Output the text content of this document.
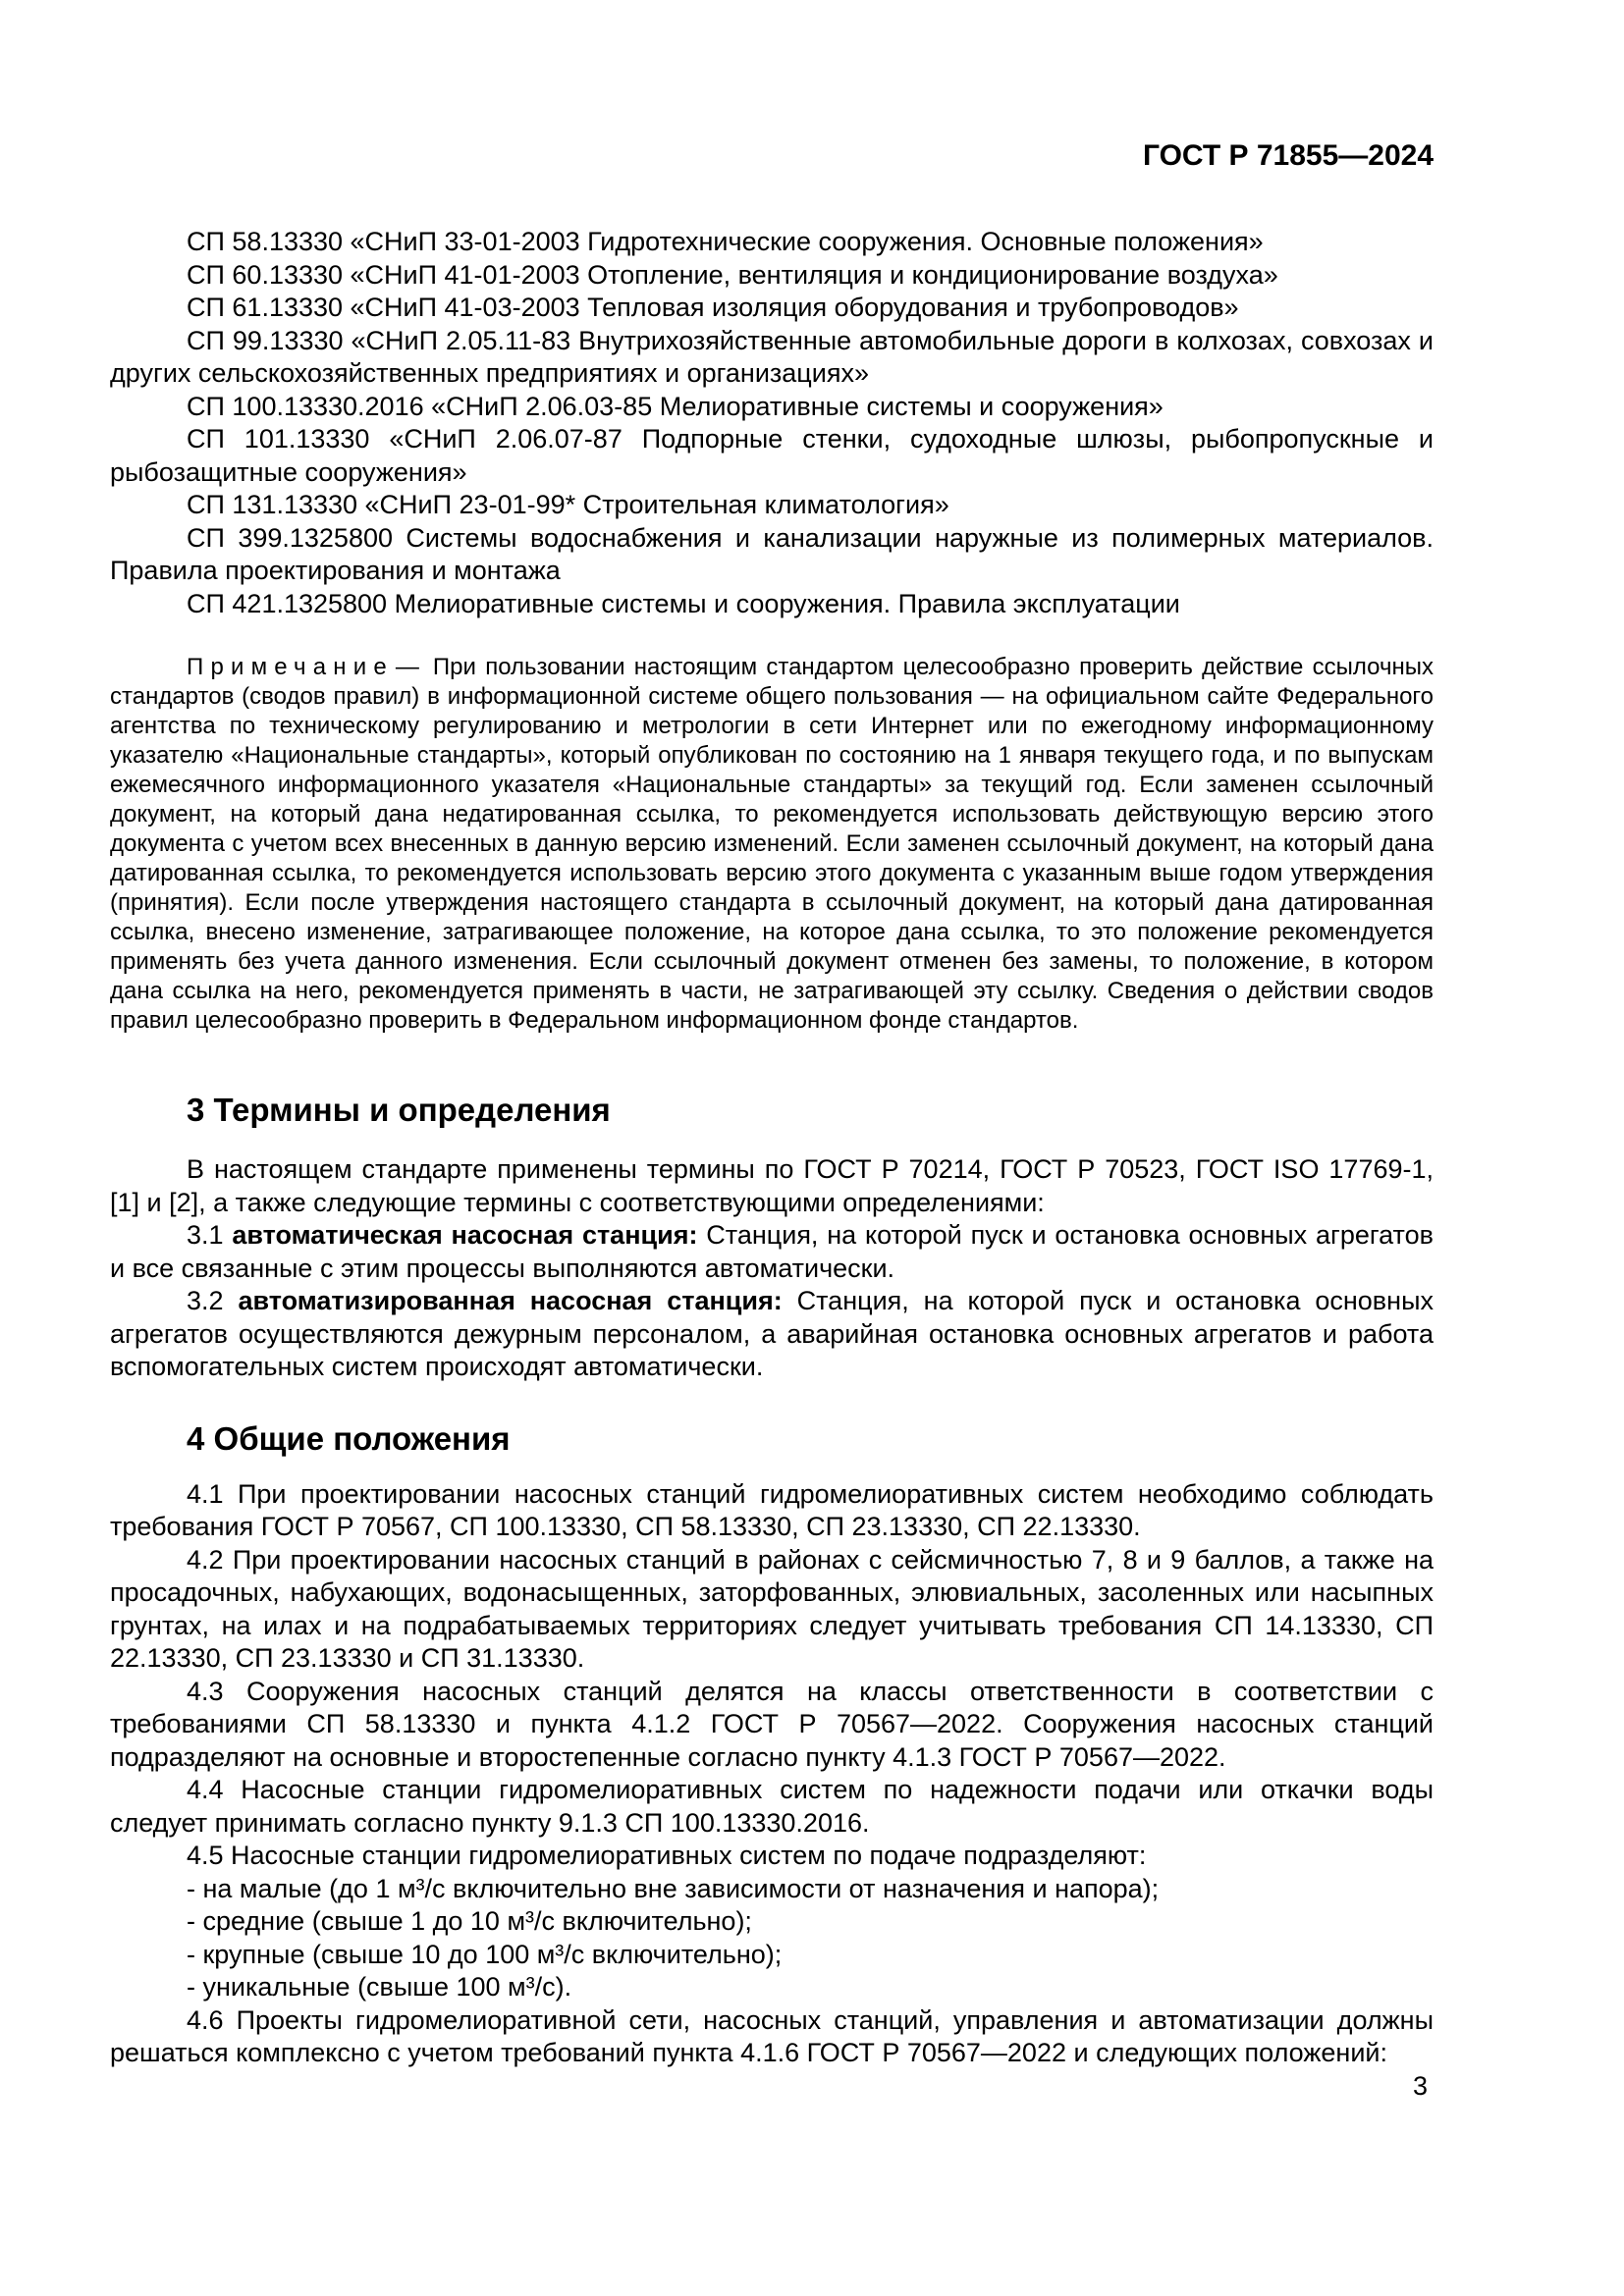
ГОСТ Р 71855—2024

СП 58.13330 «СНиП 33-01-2003 Гидротехнические сооружения. Основные положения»

СП 60.13330 «СНиП 41-01-2003 Отопление, вентиляция и кондиционирование воздуха»

СП 61.13330 «СНиП 41-03-2003 Тепловая изоляция оборудования и трубопроводов»

СП 99.13330 «СНиП 2.05.11-83 Внутрихозяйственные автомобильные дороги в колхозах, совхозах и других сельскохозяйственных предприятиях и организациях»

СП 100.13330.2016 «СНиП 2.06.03-85 Мелиоративные системы и сооружения»

СП 101.13330 «СНиП 2.06.07-87 Подпорные стенки, судоходные шлюзы, рыбопропускные и рыбозащитные сооружения»

СП 131.13330 «СНиП 23-01-99* Строительная климатология»

СП 399.1325800 Системы водоснабжения и канализации наружные из полимерных материалов. Правила проектирования и монтажа

СП 421.1325800 Мелиоративные системы и сооружения. Правила эксплуатации

Примечание— При пользовании настоящим стандартом целесообразно проверить действие ссылочных стандартов (сводов правил) в информационной системе общего пользования — на официальном сайте Федерального агентства по техническому регулированию и метрологии в сети Интернет или по ежегодному информационному указателю «Национальные стандарты», который опубликован по состоянию на 1 января текущего года, и по выпускам ежемесячного информационного указателя «Национальные стандарты» за текущий год. Если заменен ссылочный документ, на который дана недатированная ссылка, то рекомендуется использовать действующую версию этого документа с учетом всех внесенных в данную версию изменений. Если заменен ссылочный документ, на который дана датированная ссылка, то рекомендуется использовать версию этого документа с указанным выше годом утверждения (принятия). Если после утверждения настоящего стандарта в ссылочный документ, на который дана датированная ссылка, внесено изменение, затрагивающее положение, на которое дана ссылка, то это положение рекомендуется применять без учета данного изменения. Если ссылочный документ отменен без замены, то положение, в котором дана ссылка на него, рекомендуется применять в части, не затрагивающей эту ссылку. Сведения о действии сводов правил целесообразно проверить в Федеральном информационном фонде стандартов.

3 Термины и определения

В настоящем стандарте применены термины по ГОСТ Р 70214, ГОСТ Р 70523, ГОСТ ISO 17769-1, [1] и [2], а также следующие термины с соответствующими определениями:

3.1 автоматическая насосная станция: Станция, на которой пуск и остановка основных агрегатов и все связанные с этим процессы выполняются автоматически.

3.2 автоматизированная насосная станция: Станция, на которой пуск и остановка основных агрегатов осуществляются дежурным персоналом, а аварийная остановка основных агрегатов и работа вспомогательных систем происходят автоматически.

4 Общие положения

4.1 При проектировании насосных станций гидромелиоративных систем необходимо соблюдать требования ГОСТ Р 70567, СП 100.13330, СП 58.13330, СП 23.13330, СП 22.13330.

4.2 При проектировании насосных станций в районах с сейсмичностью 7, 8 и 9 баллов, а также на просадочных, набухающих, водонасыщенных, заторфованных, элювиальных, засоленных или насыпных грунтах, на илах и на подрабатываемых территориях следует учитывать требования СП 14.13330, СП 22.13330, СП 23.13330 и СП 31.13330.

4.3 Сооружения насосных станций делятся на классы ответственности в соответствии с требованиями СП 58.13330 и пункта 4.1.2 ГОСТ Р 70567—2022. Сооружения насосных станций подразделяют на основные и второстепенные согласно пункту 4.1.3 ГОСТ Р 70567—2022.

4.4 Насосные станции гидромелиоративных систем по надежности подачи или откачки воды следует принимать согласно пункту 9.1.3 СП 100.13330.2016.

4.5 Насосные станции гидромелиоративных систем по подаче подразделяют:

- на малые (до 1 м³/с включительно вне зависимости от назначения и напора);

- средние (свыше 1 до 10 м³/с включительно);

- крупные (свыше 10 до 100 м³/с включительно);

- уникальные (свыше 100 м³/с).

4.6 Проекты гидромелиоративной сети, насосных станций, управления и автоматизации должны решаться комплексно с учетом требований пункта 4.1.6 ГОСТ Р 70567—2022 и следующих положений:

3
